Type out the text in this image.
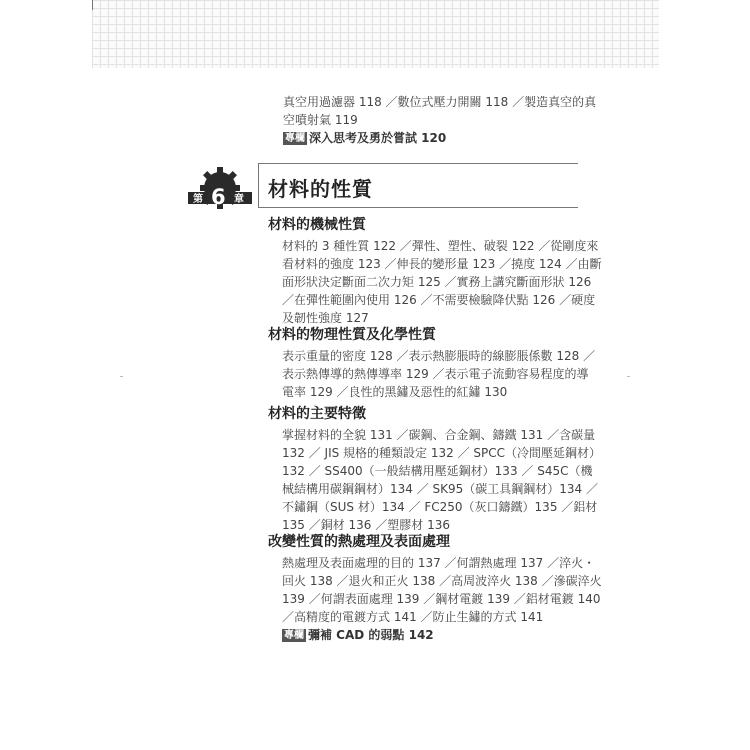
真空用過濾器 118 ／數位式壓力開關 118 ／製造真空的真
空噴射氣 119
專欄 深入思考及勇於嘗試 120
第 6 章 材料的性質
材料的機械性質
材料的 3 種性質 122 ／彈性、塑性、破裂 122 ／從剛度來
看材料的強度 123 ／伸長的變形量 123 ／撓度 124 ／由斷
面形狀決定斷面二次力矩 125 ／實務上講究斷面形狀 126
／在彈性範圍內使用 126 ／不需要檢驗降伏點 126 ／硬度
及韌性強度 127
材料的物理性質及化學性質
表示重量的密度 128 ／表示熱膨脹時的線膨脹係數 128 ／
表示熱傳導的熱傳導率 129 ／表示電子流動容易程度的導
電率 129 ／良性的黑鏽及惡性的紅鏽 130
材料的主要特徵
掌握材料的全貌 131 ／碳鋼、合金鋼、鑄鐵 131 ／含碳量
132 ／ JIS 規格的種類設定 132 ／ SPCC（冷間壓延鋼材）
132 ／ SS400（一般結構用壓延鋼材）133 ／ S45C（機
械結構用碳鋼鋼材）134 ／ SK95（碳工具鋼鋼材）134 ／
不鏽鋼（SUS 材）134 ／ FC250（灰口鑄鐵）135 ／鋁材
135 ／銅材 136 ／塑膠材 136
改變性質的熱處理及表面處理
熱處理及表面處理的目的 137 ／何謂熱處理 137 ／淬火・
回火 138 ／退火和正火 138 ／高周波淬火 138 ／滲碳淬火
139 ／何謂表面處理 139 ／鋼材電鍍 139 ／鋁材電鍍 140
／高精度的電鍍方式 141 ／防止生鏽的方式 141
專欄 彌補 CAD 的弱點 142
